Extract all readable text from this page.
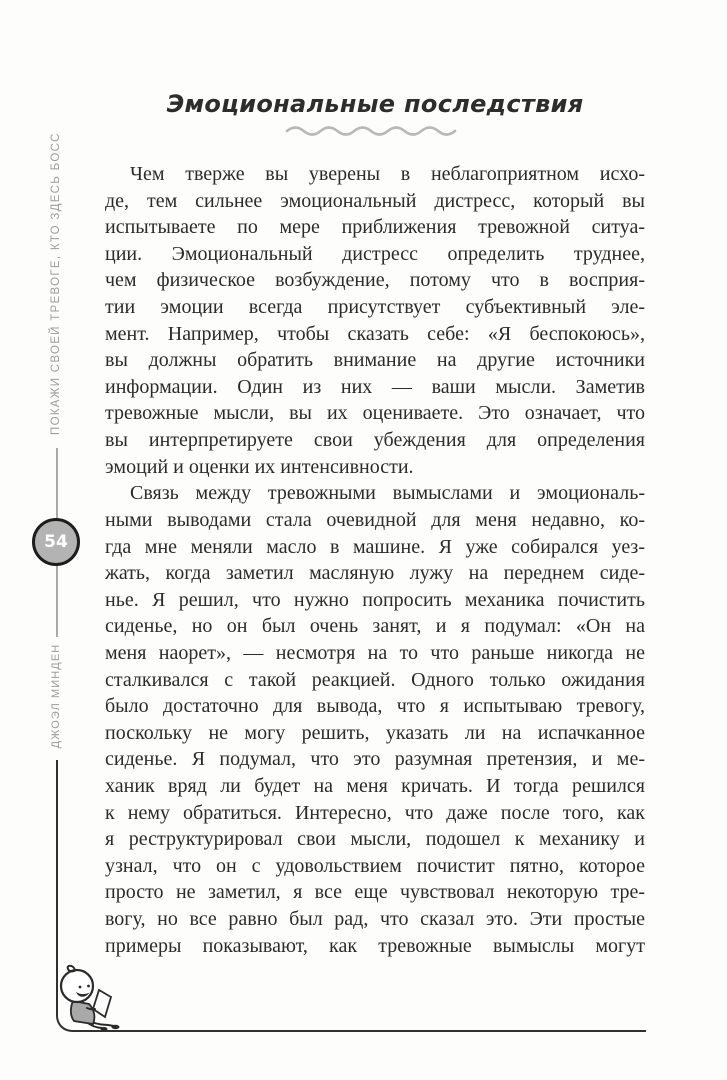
Эмоциональные последствия
ПОКАЖИ СВОЕЙ ТРЕВОГЕ, КТО ЗДЕСЬ БОСС
54
ДЖОЭЛ МИНДЕН
Чем тверже вы уверены в неблагоприятном исхо-
де, тем сильнее эмоциональный дистресс, который вы
испытываете по мере приближения тревожной ситуа-
ции. Эмоциональный дистресс определить труднее,
чем физическое возбуждение, потому что в восприя-
тии эмоции всегда присутствует субъективный эле-
мент. Например, чтобы сказать себе: «Я беспокоюсь»,
вы должны обратить внимание на другие источники
информации. Один из них — ваши мысли. Заметив
тревожные мысли, вы их оцениваете. Это означает, что
вы интерпретируете свои убеждения для определения
эмоций и оценки их интенсивности.
Связь между тревожными вымыслами и эмоциональ-
ными выводами стала очевидной для меня недавно, ко-
гда мне меняли масло в машине. Я уже собирался уез-
жать, когда заметил масляную лужу на переднем сиде-
нье. Я решил, что нужно попросить механика почистить
сиденье, но он был очень занят, и я подумал: «Он на
меня наорет», — несмотря на то что раньше никогда не
сталкивался с такой реакцией. Одного только ожидания
было достаточно для вывода, что я испытываю тревогу,
поскольку не могу решить, указать ли на испачканное
сиденье. Я подумал, что это разумная претензия, и ме-
ханик вряд ли будет на меня кричать. И тогда решился
к нему обратиться. Интересно, что даже после того, как
я реструктурировал свои мысли, подошел к механику и
узнал, что он с удовольствием почистит пятно, которое
просто не заметил, я все еще чувствовал некоторую тре-
вогу, но все равно был рад, что сказал это. Эти простые
примеры показывают, как тревожные вымыслы могут
